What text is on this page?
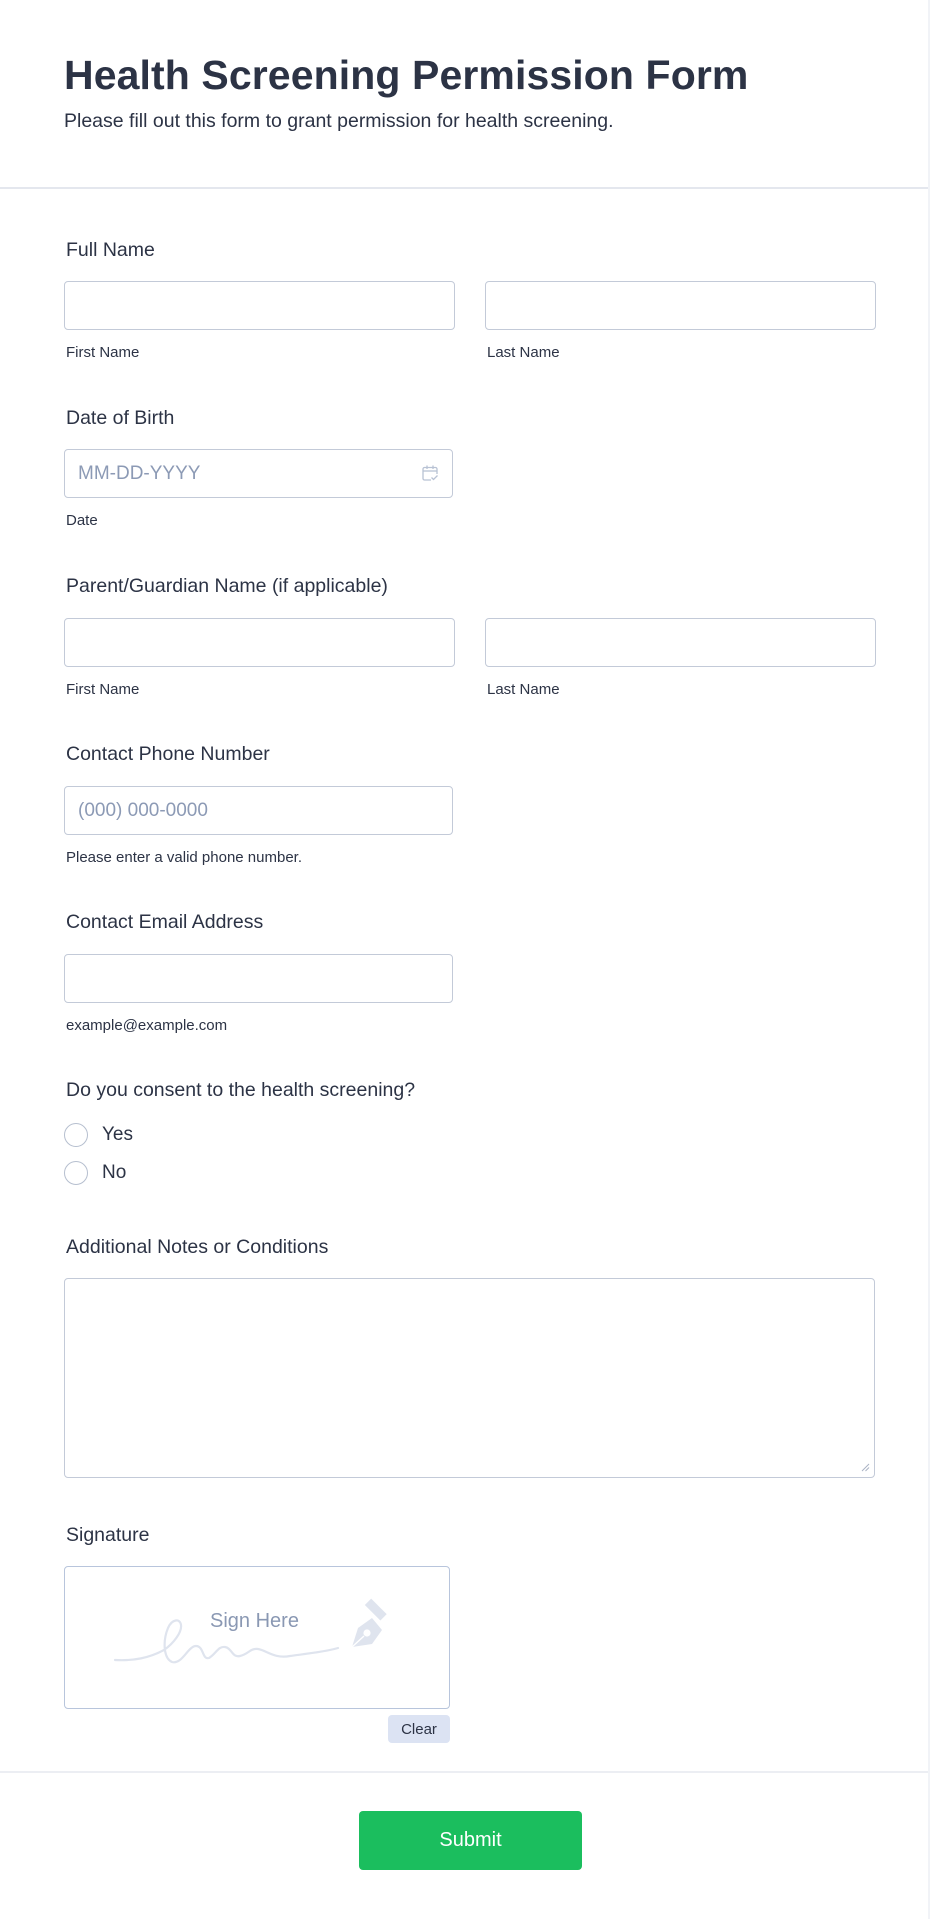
Health Screening Permission Form
Please fill out this form to grant permission for health screening.
Full Name
First Name	Last Name
Date of Birth
MM-DD-YYYY
Date
Parent/Guardian Name (if applicable)
First Name	Last Name
Contact Phone Number
(000) 000-0000
Please enter a valid phone number.
Contact Email Address
example@example.com
Do you consent to the health screening?
Yes
No
Additional Notes or Conditions
Signature
Sign Here
Clear
Submit
